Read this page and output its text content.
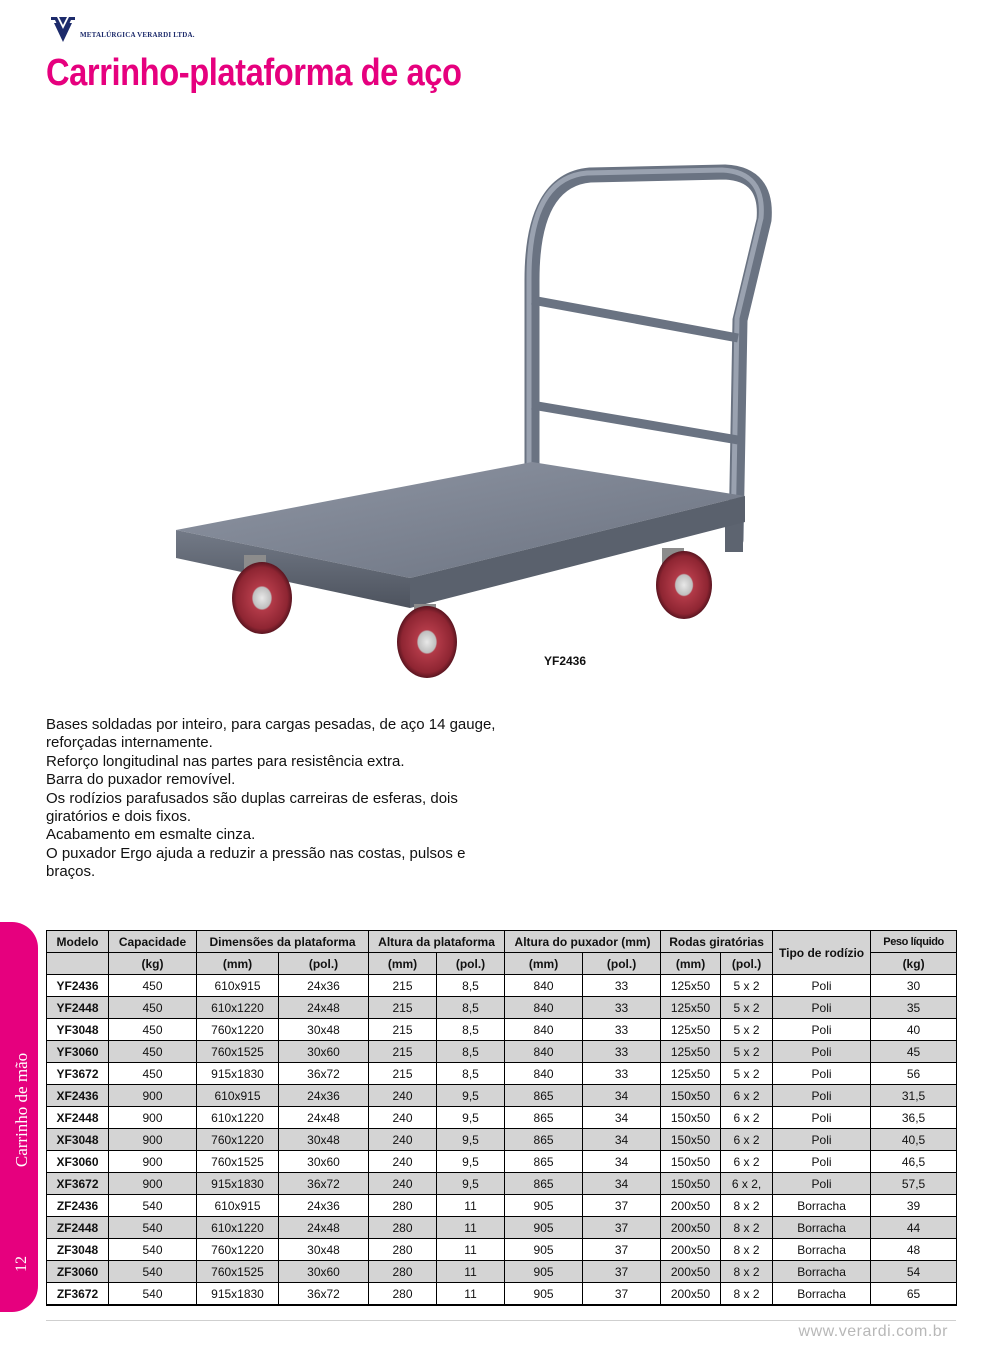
METALÚRGICA VERARDI LTDA.
Carrinho-plataforma de aço
YF2436

Bases soldadas por inteiro, para cargas pesadas, de aço 14 gauge, reforçadas internamente.
Reforço longitudinal nas partes para resistência extra.
Barra do puxador removível.
Os rodízios parafusados são duplas carreiras de esferas, dois giratórios e dois fixos.
Acabamento em esmalte cinza.
O puxador Ergo ajuda a reduzir a pressão nas costas, pulsos e braços.

Carrinho de mão
12
Modelo	Capacidade	Dimensões da plataforma		Altura da plataforma		Altura do puxador (mm)		Rodas giratórias		Tipo de rodízio	Peso líquido
	(kg)	(mm)	(pol.)	(mm)	(pol.)	(mm)	(pol.)	(mm)	(pol.)		(kg)
YF2436	450	610x915	24x36	215	8,5	840	33	125x50	5 x 2	Poli	30
YF2448	450	610x1220	24x48	215	8,5	840	33	125x50	5 x 2	Poli	35
YF3048	450	760x1220	30x48	215	8,5	840	33	125x50	5 x 2	Poli	40
YF3060	450	760x1525	30x60	215	8,5	840	33	125x50	5 x 2	Poli	45
YF3672	450	915x1830	36x72	215	8,5	840	33	125x50	5 x 2	Poli	56
XF2436	900	610x915	24x36	240	9,5	865	34	150x50	6 x 2	Poli	31,5
XF2448	900	610x1220	24x48	240	9,5	865	34	150x50	6 x 2	Poli	36,5
XF3048	900	760x1220	30x48	240	9,5	865	34	150x50	6 x 2	Poli	40,5
XF3060	900	760x1525	30x60	240	9,5	865	34	150x50	6 x 2	Poli	46,5
XF3672	900	915x1830	36x72	240	9,5	865	34	150x50	6 x 2,	Poli	57,5
ZF2436	540	610x915	24x36	280	11	905	37	200x50	8 x 2	Borracha	39
ZF2448	540	610x1220	24x48	280	11	905	37	200x50	8 x 2	Borracha	44
ZF3048	540	760x1220	30x48	280	11	905	37	200x50	8 x 2	Borracha	48
ZF3060	540	760x1525	30x60	280	11	905	37	200x50	8 x 2	Borracha	54
ZF3672	540	915x1830	36x72	280	11	905	37	200x50	8 x 2	Borracha	65
www.verardi.com.br
